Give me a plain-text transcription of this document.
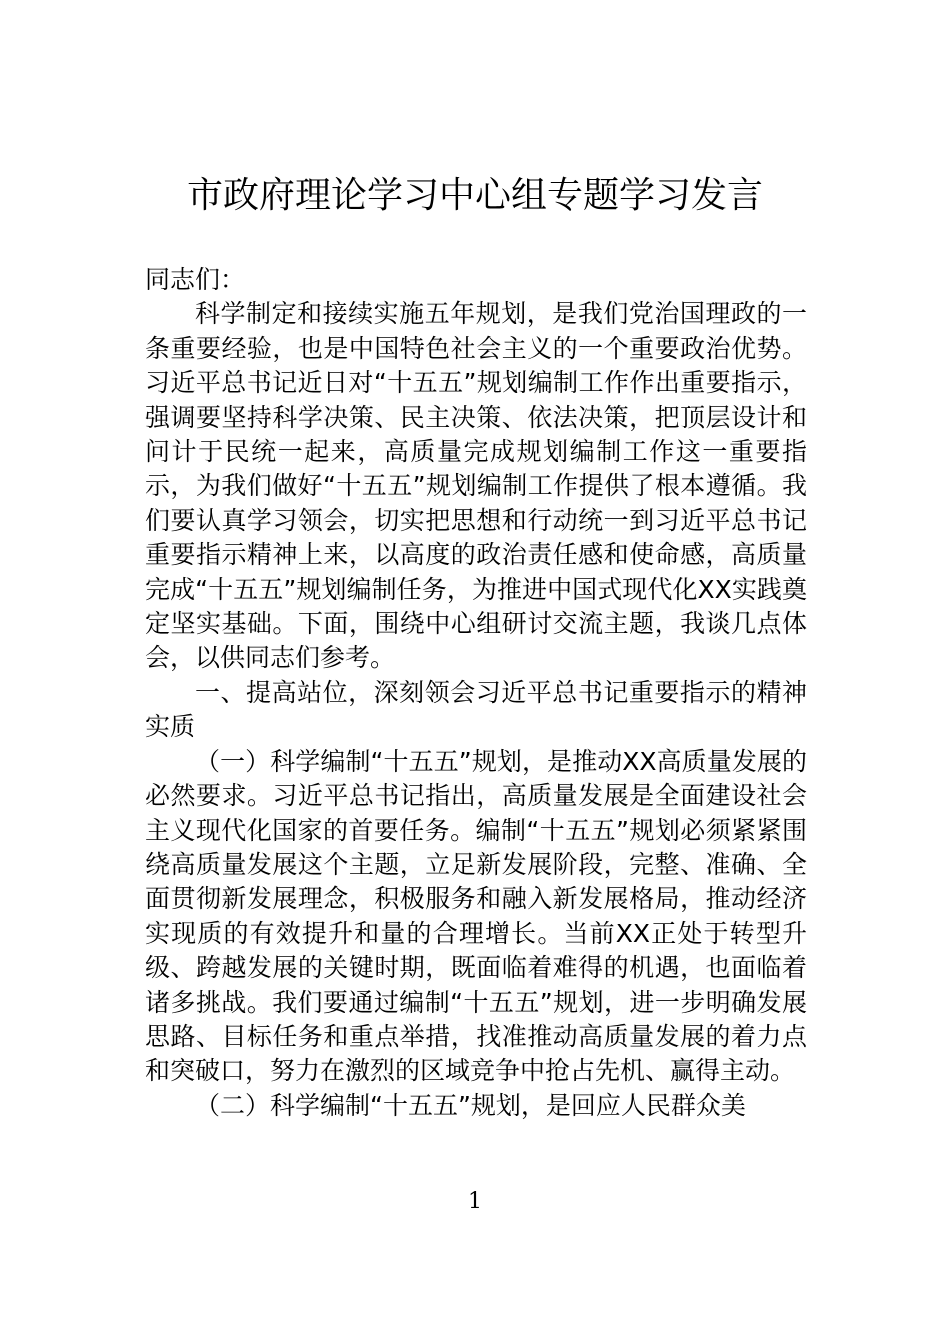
市政府理论学习中心组专题学习发言

同志们：

科学制定和接续实施五年规划，是我们党治国理政的一条重要经验，也是中国特色社会主义的一个重要政治优势。习近平总书记近日对“十五五”规划编制工作作出重要指示，强调要坚持科学决策、民主决策、依法决策，把顶层设计和问计于民统一起来，高质量完成规划编制工作这一重要指示，为我们做好“十五五”规划编制工作提供了根本遵循。我们要认真学习领会，切实把思想和行动统一到习近平总书记重要指示精神上来，以高度的政治责任感和使命感，高质量完成“十五五”规划编制任务，为推进中国式现代化XX实践奠定坚实基础。下面，围绕中心组研讨交流主题，我谈几点体会，以供同志们参考。

一、提高站位，深刻领会习近平总书记重要指示的精神实质

（一）科学编制“十五五”规划，是推动XX高质量发展的必然要求。习近平总书记指出，高质量发展是全面建设社会主义现代化国家的首要任务。编制“十五五”规划必须紧紧围绕高质量发展这个主题，立足新发展阶段，完整、准确、全面贯彻新发展理念，积极服务和融入新发展格局，推动经济实现质的有效提升和量的合理增长。当前XX正处于转型升级、跨越发展的关键时期，既面临着难得的机遇，也面临着诸多挑战。我们要通过编制“十五五”规划，进一步明确发展思路、目标任务和重点举措，找准推动高质量发展的着力点和突破口，努力在激烈的区域竞争中抢占先机、赢得主动。

（二）科学编制“十五五”规划，是回应人民群众美

1
